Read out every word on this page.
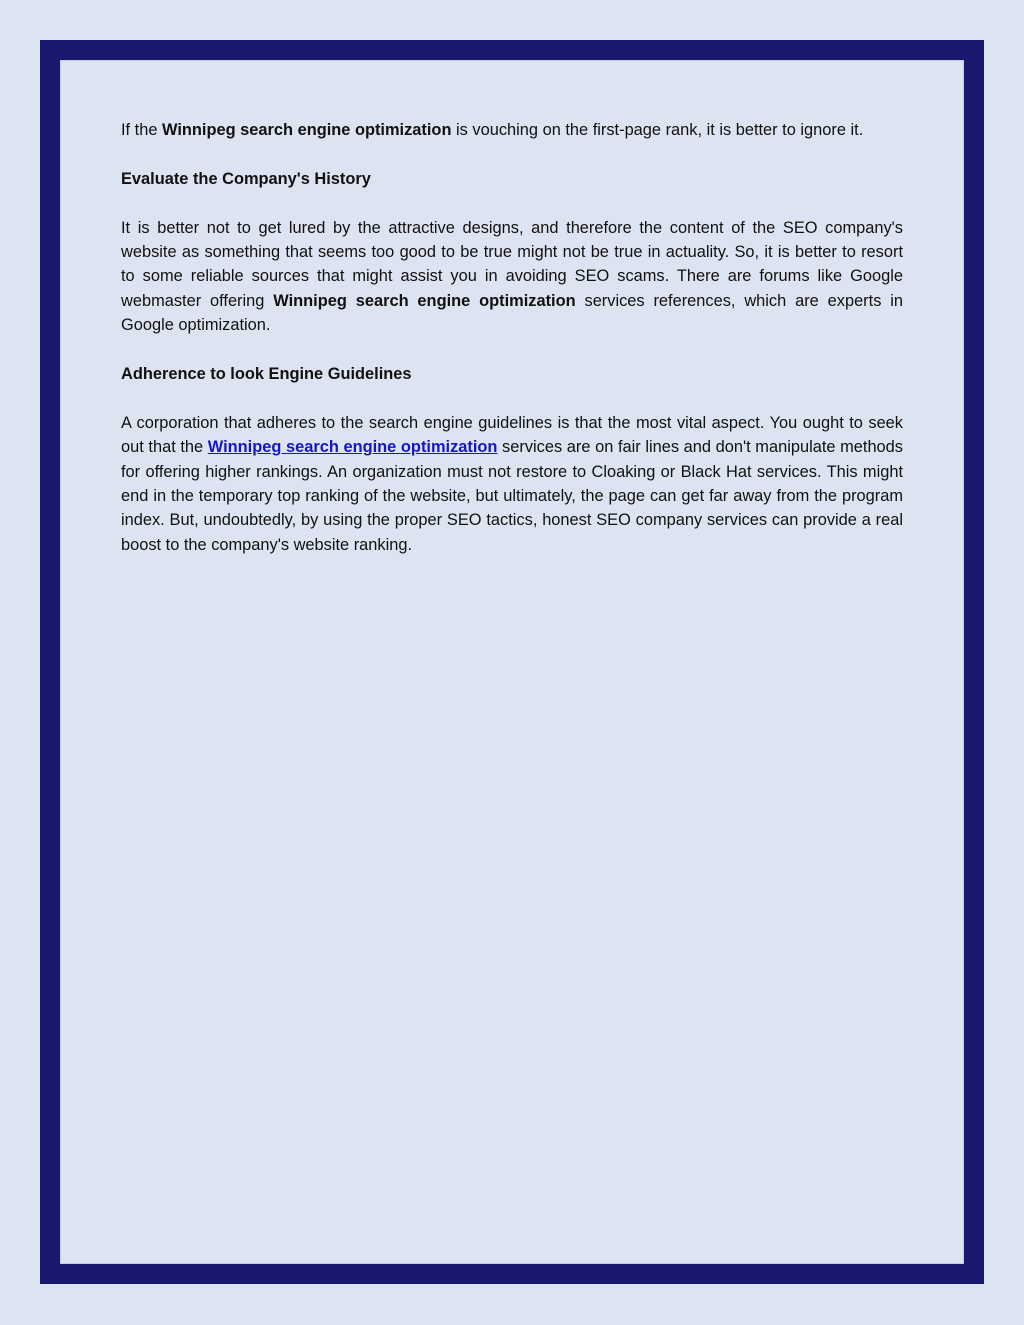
If the Winnipeg search engine optimization is vouching on the first-page rank, it is better to ignore it.

Evaluate the Company's History

It is better not to get lured by the attractive designs, and therefore the content of the SEO company's website as something that seems too good to be true might not be true in actuality. So, it is better to resort to some reliable sources that might assist you in avoiding SEO scams. There are forums like Google webmaster offering Winnipeg search engine optimization services references, which are experts in Google optimization.

Adherence to look Engine Guidelines

A corporation that adheres to the search engine guidelines is that the most vital aspect. You ought to seek out that the Winnipeg search engine optimization services are on fair lines and don't manipulate methods for offering higher rankings. An organization must not restore to Cloaking or Black Hat services. This might end in the temporary top ranking of the website, but ultimately, the page can get far away from the program index. But, undoubtedly, by using the proper SEO tactics, honest SEO company services can provide a real boost to the company's website ranking.
